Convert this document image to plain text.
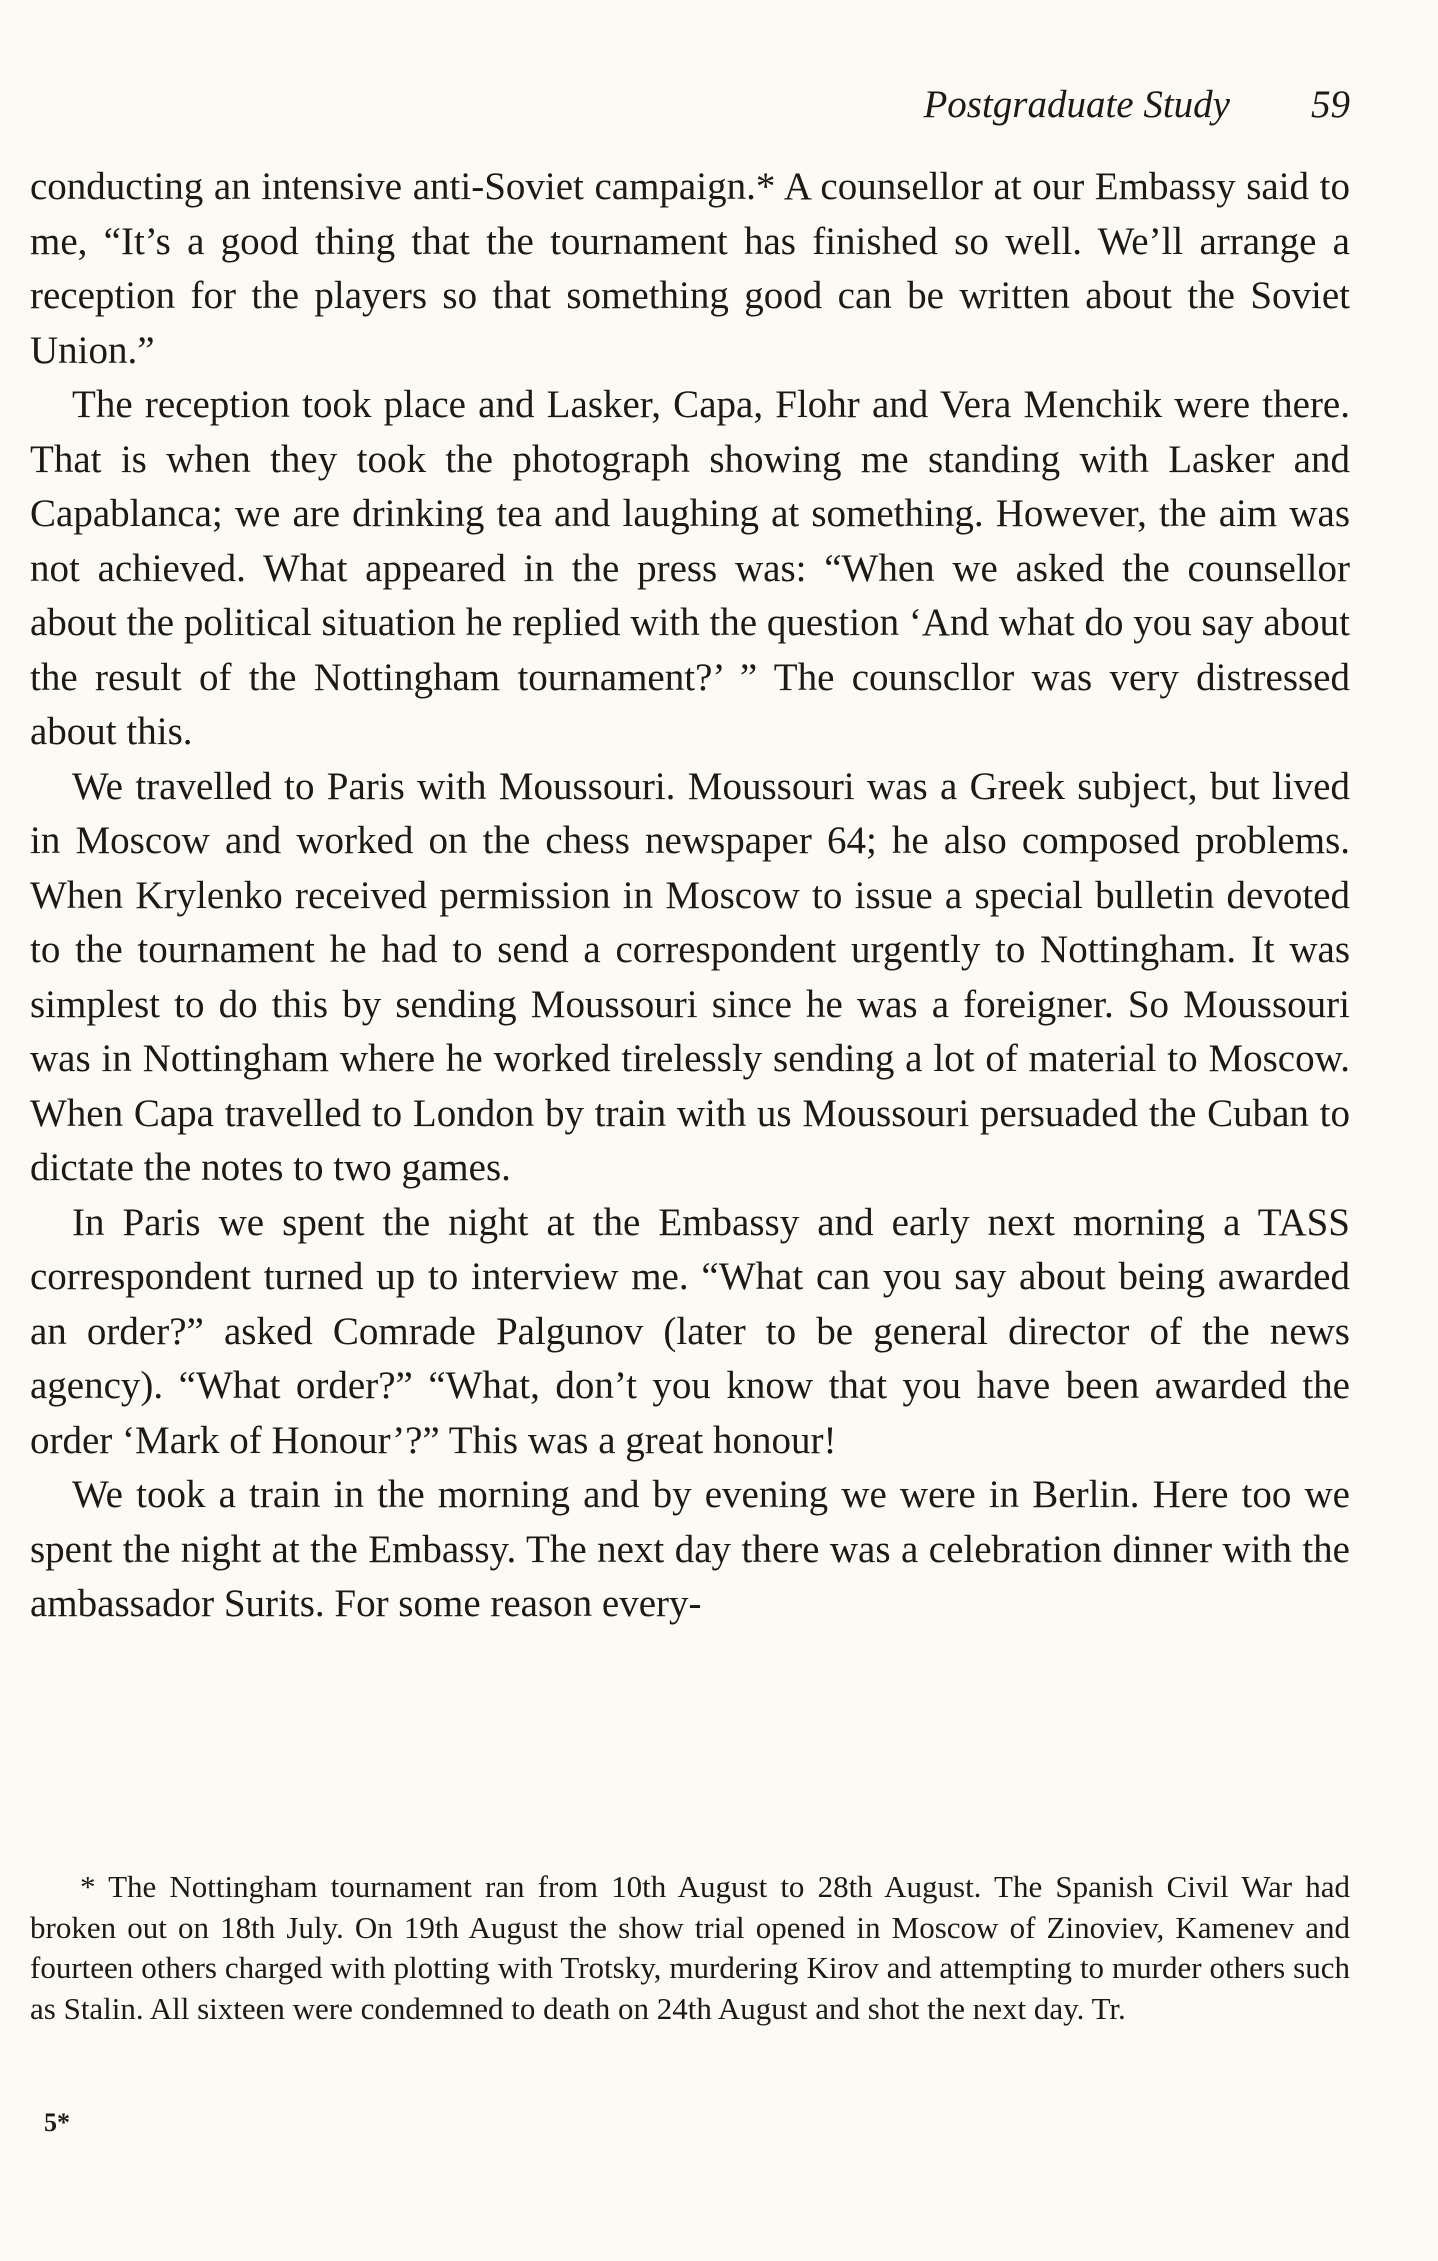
Postgraduate Study 59

conducting an intensive anti-Soviet campaign.* A counsellor at our Embassy said to me, “It’s a good thing that the tournament has finished so well. We’ll arrange a reception for the players so that something good can be written about the Soviet Union.”

The reception took place and Lasker, Capa, Flohr and Vera Menchik were there. That is when they took the photograph showing me standing with Lasker and Capablanca; we are drinking tea and laughing at something. However, the aim was not achieved. What appeared in the press was: “When we asked the counsellor about the political situation he replied with the question ‘And what do you say about the result of the Nottingham tournament?’ ” The counscllor was very distressed about this.

We travelled to Paris with Moussouri. Moussouri was a Greek subject, but lived in Moscow and worked on the chess newspaper 64; he also composed problems. When Krylenko received permission in Moscow to issue a special bulletin devoted to the tournament he had to send a correspondent urgently to Nottingham. It was simplest to do this by sending Moussouri since he was a foreigner. So Moussouri was in Nottingham where he worked tirelessly sending a lot of material to Moscow. When Capa travelled to London by train with us Moussouri persuaded the Cuban to dictate the notes to two games.

In Paris we spent the night at the Embassy and early next morning a TASS correspondent turned up to interview me. “What can you say about being awarded an order?” asked Comrade Palgunov (later to be general director of the news agency). “What order?” “What, don’t you know that you have been awarded the order ‘Mark of Honour’?” This was a great honour!

We took a train in the morning and by evening we were in Berlin. Here too we spent the night at the Embassy. The next day there was a celebration dinner with the ambassador Surits. For some reason every-

* The Nottingham tournament ran from 10th August to 28th August. The Spanish Civil War had broken out on 18th July. On 19th August the show trial opened in Moscow of Zinoviev, Kamenev and fourteen others charged with plotting with Trotsky, murdering Kirov and attempting to murder others such as Stalin. All sixteen were condemned to death on 24th August and shot the next day. Tr.

5*
